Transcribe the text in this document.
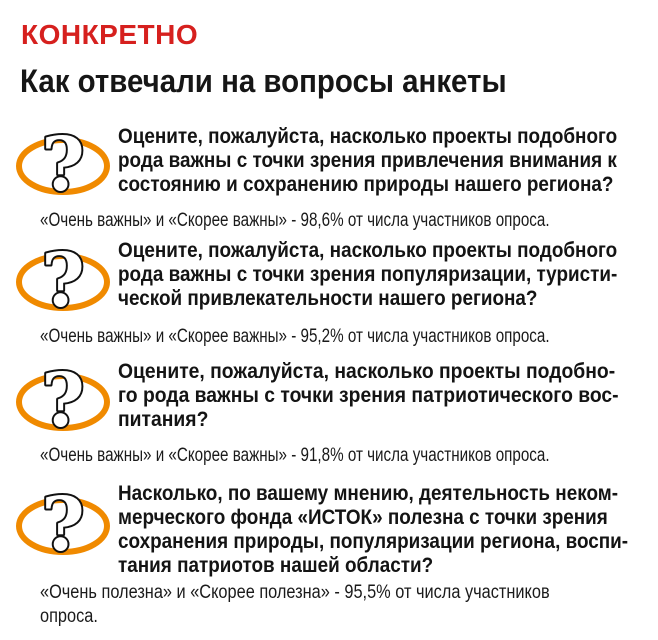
КОНКРЕТНО
Как отвечали на вопросы анкеты
Оцените, пожалуйста, насколько проекты подобного
рода важны с точки зрения привлечения внимания к
состоянию и сохранению природы нашего региона?
«Очень важны» и «Скорее важны» - 98,6% от числа участников опроса.
Оцените, пожалуйста, насколько проекты подобного
рода важны с точки зрения популяризации, туристи-
ческой привлекательности нашего региона?
«Очень важны» и «Скорее важны» - 95,2% от числа участников опроса.
Оцените, пожалуйста, насколько проекты подобно-
го рода важны с точки зрения патриотического вос-
питания?
«Очень важны» и «Скорее важны» - 91,8% от числа участников опроса.
Насколько, по вашему мнению, деятельность неком-
мерческого фонда «ИСТОК» полезна с точки зрения
сохранения природы, популяризации региона, воспи-
тания патриотов нашей области?
«Очень полезна» и «Скорее полезна» - 95,5% от числа участников
опроса.
